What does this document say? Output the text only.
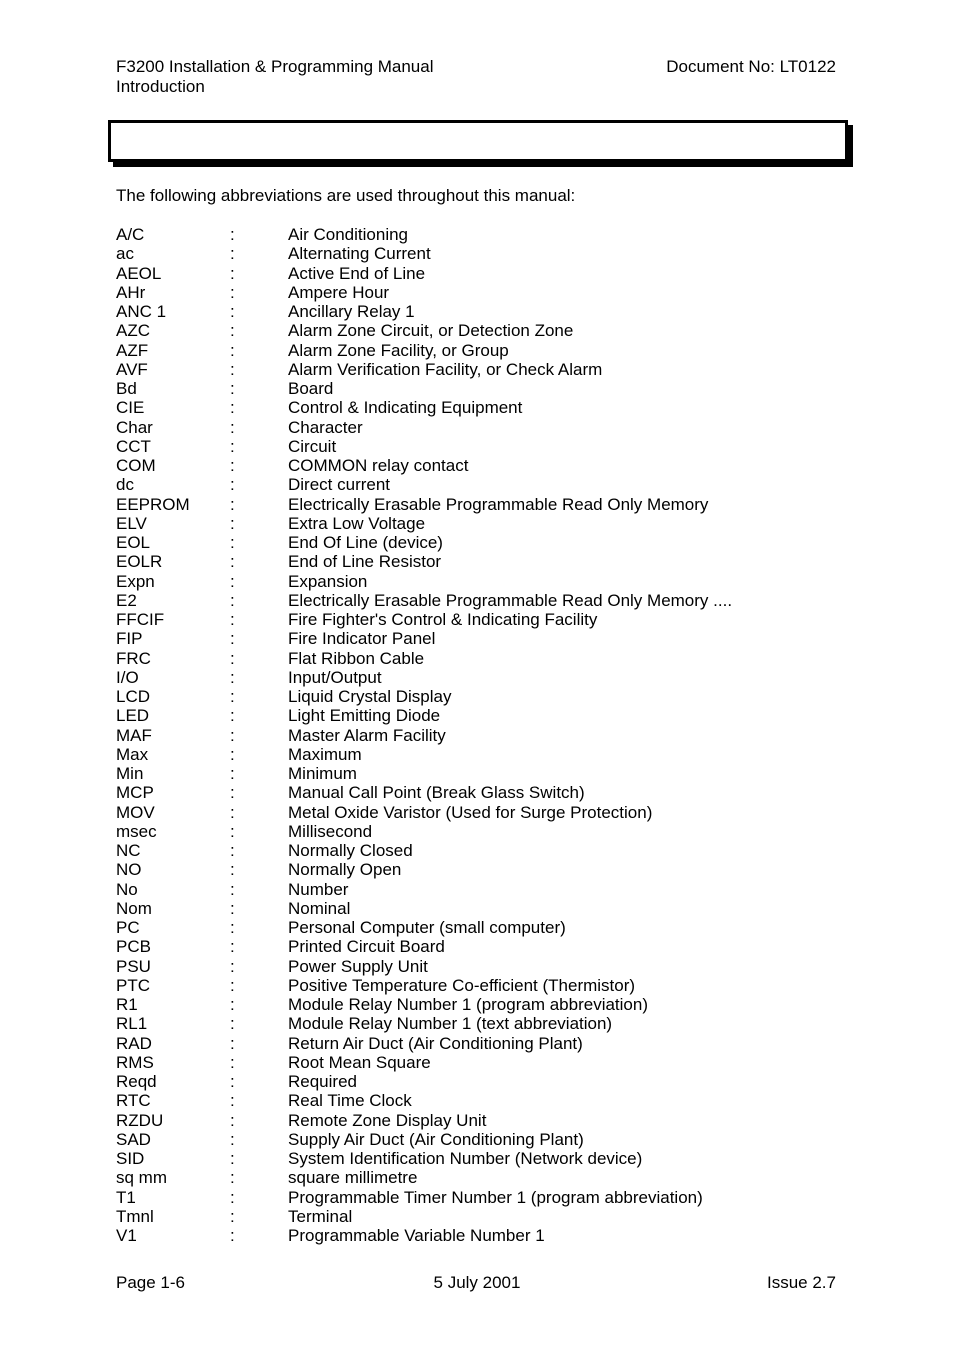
F3200 Installation & Programming Manual
Introduction
Document No: LT0122
The following abbreviations are used throughout this manual:
A/C	:	Air Conditioning
ac	:	Alternating Current
AEOL	:	Active End of Line
AHr	:	Ampere Hour
ANC 1	:	Ancillary Relay 1
AZC	:	Alarm Zone Circuit, or Detection Zone
AZF	:	Alarm Zone Facility, or Group
AVF	:	Alarm Verification Facility, or Check Alarm
Bd	:	Board
CIE	:	Control & Indicating Equipment
Char	:	Character
CCT	:	Circuit
COM	:	COMMON relay contact
dc	:	Direct current
EEPROM :	Electrically Erasable Programmable Read Only Memory
ELV	:	Extra Low Voltage
EOL	:	End Of Line (device)
EOLR	:	End of Line Resistor
Expn	:	Expansion
E2	:	Electrically Erasable Programmable Read Only Memory ....
FFCIF	:	Fire Fighter's Control & Indicating Facility
FIP	:	Fire Indicator Panel
FRC	:	Flat Ribbon Cable
I/O	:	Input/Output
LCD	:	Liquid Crystal Display
LED	:	Light Emitting Diode
MAF	:	Master Alarm Facility
Max	:	Maximum
Min	:	Minimum
MCP	:	Manual Call Point (Break Glass Switch)
MOV	:	Metal Oxide Varistor (Used for Surge Protection)
msec	:	Millisecond
NC	:	Normally Closed
NO	:	Normally Open
No	:	Number
Nom	:	Nominal
PC	:	Personal Computer (small computer)
PCB	:	Printed Circuit Board
PSU	:	Power Supply Unit
PTC	:	Positive Temperature Co-efficient (Thermistor)
R1	:	Module Relay Number 1 (program abbreviation)
RL1	:	Module Relay Number 1 (text abbreviation)
RAD	:	Return Air Duct (Air Conditioning Plant)
RMS	:	Root Mean Square
Reqd	:	Required
RTC	:	Real Time Clock
RZDU	:	Remote Zone Display Unit
SAD	:	Supply Air Duct (Air Conditioning Plant)
SID	:	System Identification Number (Network device)
sq mm	:	square millimetre
T1	:	Programmable Timer Number 1 (program abbreviation)
Tmnl	:	Terminal
V1	:	Programmable Variable Number 1
Page 1-6	5 July 2001	Issue 2.7
